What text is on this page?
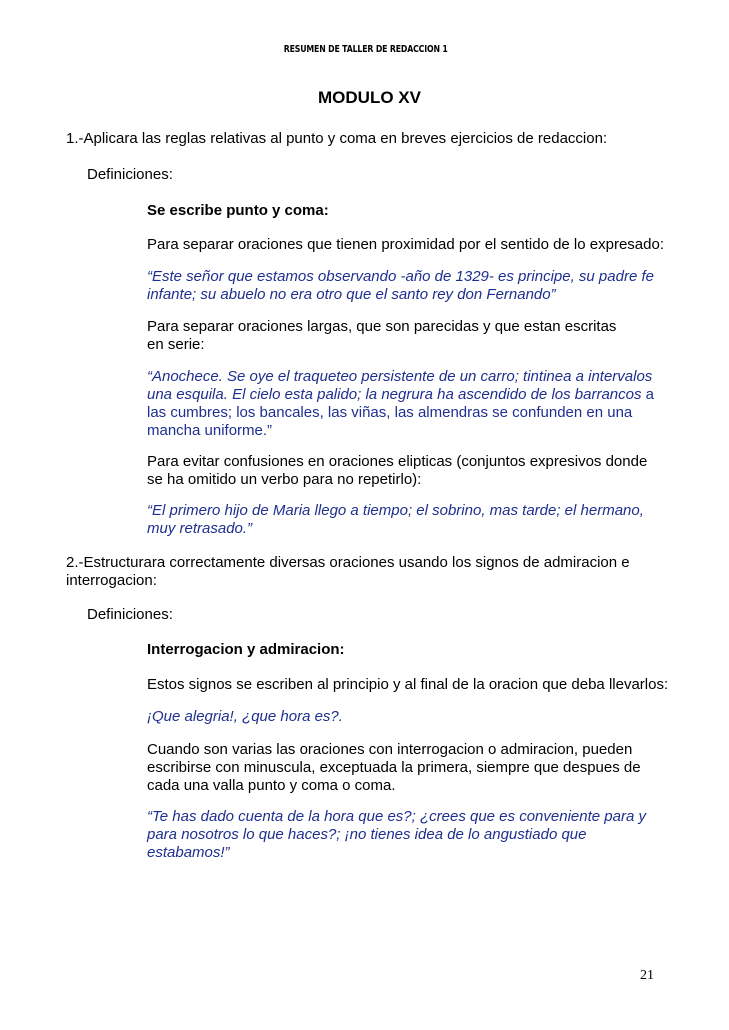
RESUMEN DE TALLER DE REDACCION 1
MODULO XV

1.-Aplicara las reglas relativas al punto y coma en breves ejercicios de redaccion:

Definiciones:

Se escribe punto y coma:

Para separar oraciones que tienen proximidad por el sentido de lo expresado:

“Este señor que estamos observando -año de 1329- es principe, su padre fe infante; su abuelo no era otro que el santo rey don Fernando”

Para separar oraciones largas, que son parecidas y que estan escritas en serie:

“Anochece. Se oye el traqueteo persistente de un carro; tintinea a intervalos una esquila. El cielo esta palido; la negrura ha ascendido de los barrancos a las cumbres; los bancales, las viñas, las almendras se confunden en una mancha uniforme.”

Para evitar confusiones en oraciones elipticas (conjuntos expresivos donde se ha omitido un verbo para no repetirlo):

“El primero hijo de Maria llego a tiempo; el sobrino, mas tarde; el hermano, muy retrasado.”

2.-Estructurara correctamente diversas oraciones usando los signos de admiracion e interrogacion:

Definiciones:

Interrogacion y admiracion:

Estos signos se escriben al principio y al final de la oracion que deba llevarlos:

¡Que alegria!, ¿que hora es?.

Cuando son varias las oraciones con interrogacion o admiracion, pueden escribirse con minuscula, exceptuada la primera, siempre que despues de cada una valla punto y coma o coma.

“Te has dado cuenta de la hora que es?; ¿crees que es conveniente para y para nosotros lo que haces?; ¡no tienes idea de lo angustiado que estabamos!”

21
